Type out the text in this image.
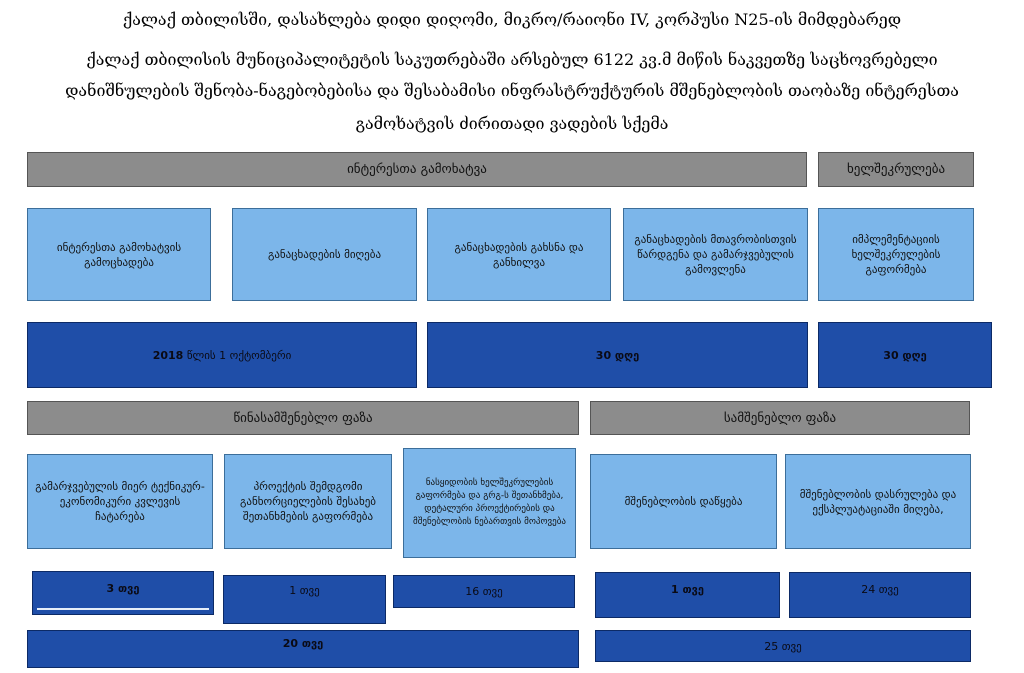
ქალაქ თბილისში, დასახლება დიდი დიღომი, მიკრო/რაიონი IV, კორპუსი N25-ის მიმდებარედ
ქალაქ თბილისის მუნიციპალიტეტის საკუთრებაში არსებულ 6122 კვ.მ მიწის ნაკვეთზე საცხოვრებელი
დანიშნულების შენობა-ნაგებობებისა და შესაბამისი ინფრასტრუქტურის მშენებლობის თაობაზე ინტერესთა
გამოხატვის ძირითადი ვადების სქემა
ინტერესთა გამოხატვა	ხელშეკრულება
ინტერესთა გამოხატვის გამოცხადება
განაცხადების მიღება
განაცხადების გახსნა და განხილვა
განაცხადების მთავრობისთვის წარდგენა და გამარჯვებულის გამოვლენა
იმპლემენტაციის ხელშეკრულების გაფორმება
2018 წლის 1 ოქტომბერი	30 დღე	30 დღე
წინასამშენებლო ფაზა	სამშენებლო ფაზა
გამარჯვებულის მიერ ტექნიკურ-ეკონომიკური კვლევის ჩატარება
პროექტის შემდგომი განხორციელების შესახებ შეთანხმების გაფორმება
ნასყიდობის ხელშეკრულების გაფორმება და გრგ-ს შეთანხმება, დეტალური პროექტირების და მშენებლობის ნებართვის მოპოვება
მშენებლობის დაწყება
მშენებლობის დასრულება და ექსპლუატაციაში მიღება,
3 თვე	1 თვე	16 თვე	1 თვე	24 თვე
20 თვე	25 თვე
